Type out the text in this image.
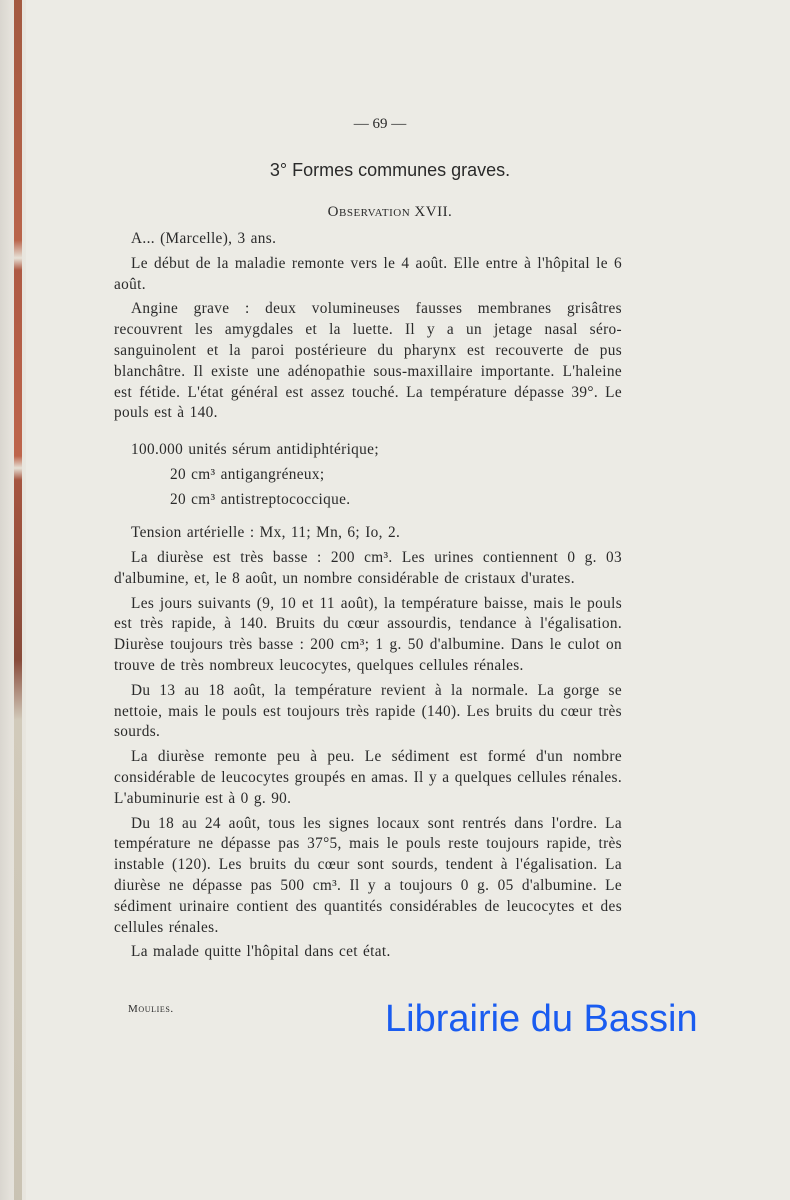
— 69 —
3° Formes communes graves.
Observation XVII.

A... (Marcelle), 3 ans.

Le début de la maladie remonte vers le 4 août. Elle entre à l'hôpital le 6 août.

Angine grave : deux volumineuses fausses membranes grisâtres recouvrent les amygdales et la luette. Il y a un jetage nasal séro-sanguinolent et la paroi postérieure du pharynx est recouverte de pus blanchâtre. Il existe une adénopathie sous-maxillaire importante. L'haleine est fétide. L'état général est assez touché. La température dépasse 39°. Le pouls est à 140.

100.000 unités sérum antidiphtérique;

20 cm³ antigangréneux;

20 cm³ antistreptococcique.

Tension artérielle : Mx, 11; Mn, 6; Io, 2.

La diurèse est très basse : 200 cm³. Les urines contiennent 0 g. 03 d'albumine, et, le 8 août, un nombre considérable de cristaux d'urates.

Les jours suivants (9, 10 et 11 août), la température baisse, mais le pouls est très rapide, à 140. Bruits du cœur assourdis, tendance à l'égalisation. Diurèse toujours très basse : 200 cm³; 1 g. 50 d'albumine. Dans le culot on trouve de très nombreux leucocytes, quelques cellules rénales.

Du 13 au 18 août, la température revient à la normale. La gorge se nettoie, mais le pouls est toujours très rapide (140). Les bruits du cœur très sourds.

La diurèse remonte peu à peu. Le sédiment est formé d'un nombre considérable de leucocytes groupés en amas. Il y a quelques cellules rénales. L'abuminurie est à 0 g. 90.

Du 18 au 24 août, tous les signes locaux sont rentrés dans l'ordre. La température ne dépasse pas 37°5, mais le pouls reste toujours rapide, très instable (120). Les bruits du cœur sont sourds, tendent à l'égalisation. La diurèse ne dépasse pas 500 cm³. Il y a toujours 0 g. 05 d'albumine. Le sédiment urinaire contient des quantités considérables de leucocytes et des cellules rénales.

La malade quitte l'hôpital dans cet état.

Moulies.	Librairie du Bassin
